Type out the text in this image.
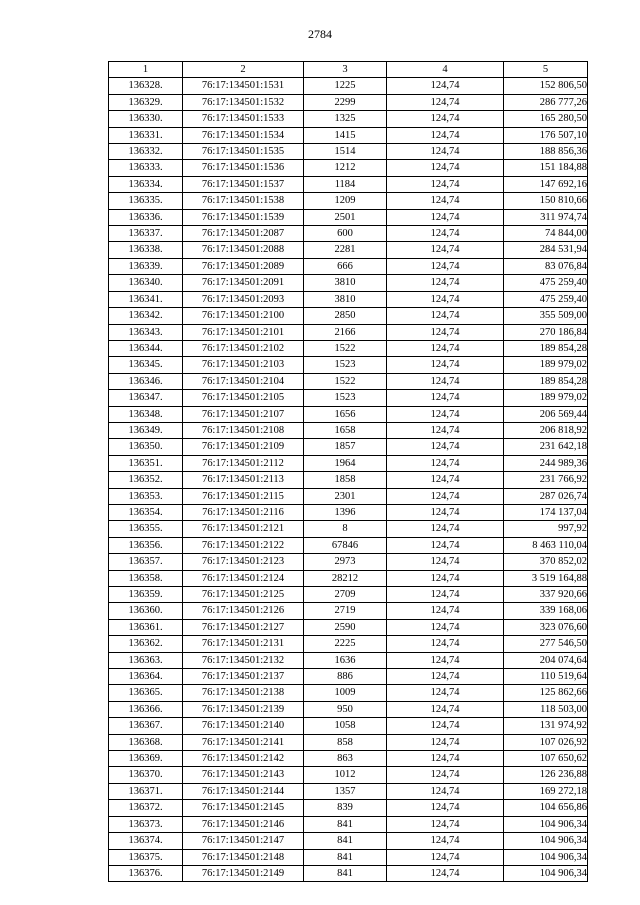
2784
1	2	3	4	5
136328.	76:17:134501:1531	1225	124,74	152 806,50
136329.	76:17:134501:1532	2299	124,74	286 777,26
136330.	76:17:134501:1533	1325	124,74	165 280,50
136331.	76:17:134501:1534	1415	124,74	176 507,10
136332.	76:17:134501:1535	1514	124,74	188 856,36
136333.	76:17:134501:1536	1212	124,74	151 184,88
136334.	76:17:134501:1537	1184	124,74	147 692,16
136335.	76:17:134501:1538	1209	124,74	150 810,66
136336.	76:17:134501:1539	2501	124,74	311 974,74
136337.	76:17:134501:2087	600	124,74	74 844,00
136338.	76:17:134501:2088	2281	124,74	284 531,94
136339.	76:17:134501:2089	666	124,74	83 076,84
136340.	76:17:134501:2091	3810	124,74	475 259,40
136341.	76:17:134501:2093	3810	124,74	475 259,40
136342.	76:17:134501:2100	2850	124,74	355 509,00
136343.	76:17:134501:2101	2166	124,74	270 186,84
136344.	76:17:134501:2102	1522	124,74	189 854,28
136345.	76:17:134501:2103	1523	124,74	189 979,02
136346.	76:17:134501:2104	1522	124,74	189 854,28
136347.	76:17:134501:2105	1523	124,74	189 979,02
136348.	76:17:134501:2107	1656	124,74	206 569,44
136349.	76:17:134501:2108	1658	124,74	206 818,92
136350.	76:17:134501:2109	1857	124,74	231 642,18
136351.	76:17:134501:2112	1964	124,74	244 989,36
136352.	76:17:134501:2113	1858	124,74	231 766,92
136353.	76:17:134501:2115	2301	124,74	287 026,74
136354.	76:17:134501:2116	1396	124,74	174 137,04
136355.	76:17:134501:2121	8	124,74	997,92
136356.	76:17:134501:2122	67846	124,74	8 463 110,04
136357.	76:17:134501:2123	2973	124,74	370 852,02
136358.	76:17:134501:2124	28212	124,74	3 519 164,88
136359.	76:17:134501:2125	2709	124,74	337 920,66
136360.	76:17:134501:2126	2719	124,74	339 168,06
136361.	76:17:134501:2127	2590	124,74	323 076,60
136362.	76:17:134501:2131	2225	124,74	277 546,50
136363.	76:17:134501:2132	1636	124,74	204 074,64
136364.	76:17:134501:2137	886	124,74	110 519,64
136365.	76:17:134501:2138	1009	124,74	125 862,66
136366.	76:17:134501:2139	950	124,74	118 503,00
136367.	76:17:134501:2140	1058	124,74	131 974,92
136368.	76:17:134501:2141	858	124,74	107 026,92
136369.	76:17:134501:2142	863	124,74	107 650,62
136370.	76:17:134501:2143	1012	124,74	126 236,88
136371.	76:17:134501:2144	1357	124,74	169 272,18
136372.	76:17:134501:2145	839	124,74	104 656,86
136373.	76:17:134501:2146	841	124,74	104 906,34
136374.	76:17:134501:2147	841	124,74	104 906,34
136375.	76:17:134501:2148	841	124,74	104 906,34
136376.	76:17:134501:2149	841	124,74	104 906,34
